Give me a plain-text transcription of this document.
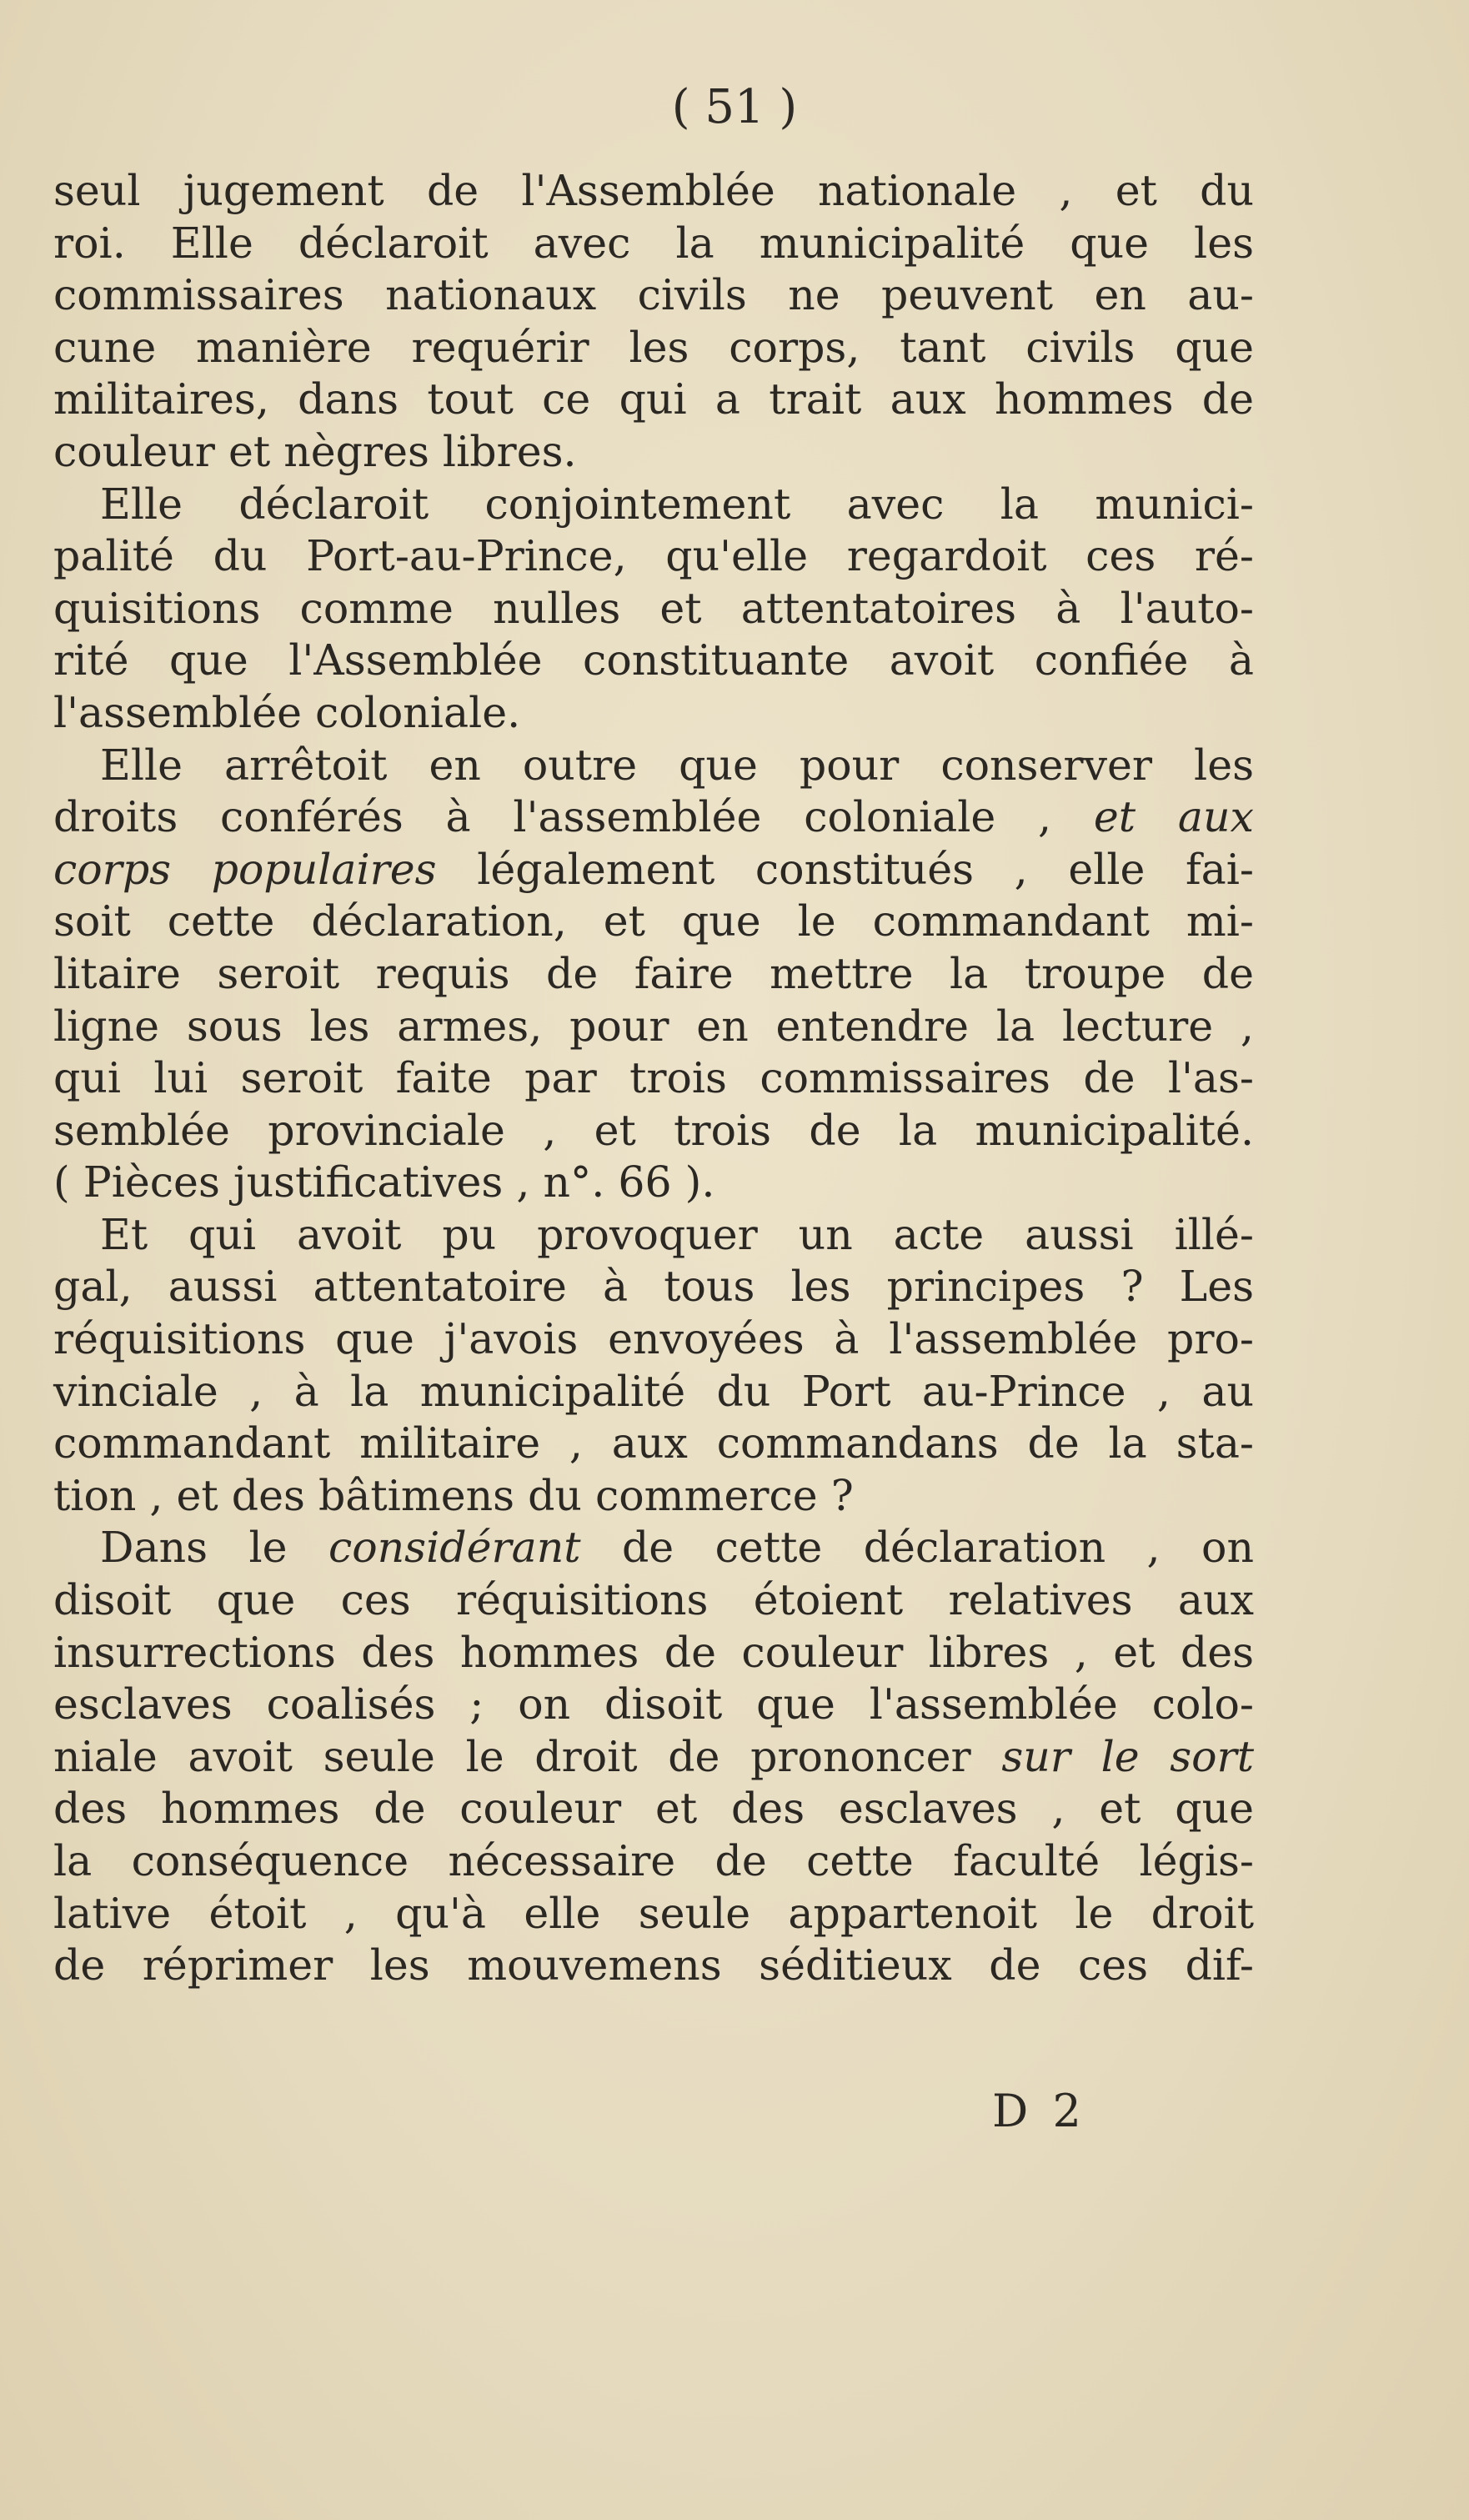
( 51 )
seul jugement de l'Assemblée nationale , et du
roi. Elle déclaroit avec la municipalité que les
commissaires nationaux civils ne peuvent en au-
cune manière requérir les corps, tant civils que
militaires, dans tout ce qui a trait aux hommes de
couleur et nègres libres.
Elle déclaroit conjointement avec la munici-
palité du Port-au-Prince, qu'elle regardoit ces ré-
quisitions comme nulles et attentatoires à l'auto-
rité que l'Assemblée constituante avoit confiée à
l'assemblée coloniale.
Elle arrêtoit en outre que pour conserver les
droits conférés à l'assemblée coloniale , et aux
corps populaires légalement constitués , elle fai-
soit cette déclaration, et que le commandant mi-
litaire seroit requis de faire mettre la troupe de
ligne sous les armes, pour en entendre la lecture ,
qui lui seroit faite par trois commissaires de l'as-
semblée provinciale , et trois de la municipalité.
( Pièces justificatives , n°. 66 ).
Et qui avoit pu provoquer un acte aussi illé-
gal, aussi attentatoire à tous les principes ? Les
réquisitions que j'avois envoyées à l'assemblée pro-
vinciale , à la municipalité du Port au-Prince , au
commandant militaire , aux commandans de la sta-
tion , et des bâtimens du commerce ?
Dans le considérant de cette déclaration , on
disoit que ces réquisitions étoient relatives aux
insurrections des hommes de couleur libres , et des
esclaves coalisés ; on disoit que l'assemblée colo-
niale avoit seule le droit de prononcer sur le sort
des hommes de couleur et des esclaves , et que
la conséquence nécessaire de cette faculté légis-
lative étoit , qu'à elle seule appartenoit le droit
de réprimer les mouvemens séditieux de ces dif-
D 2
